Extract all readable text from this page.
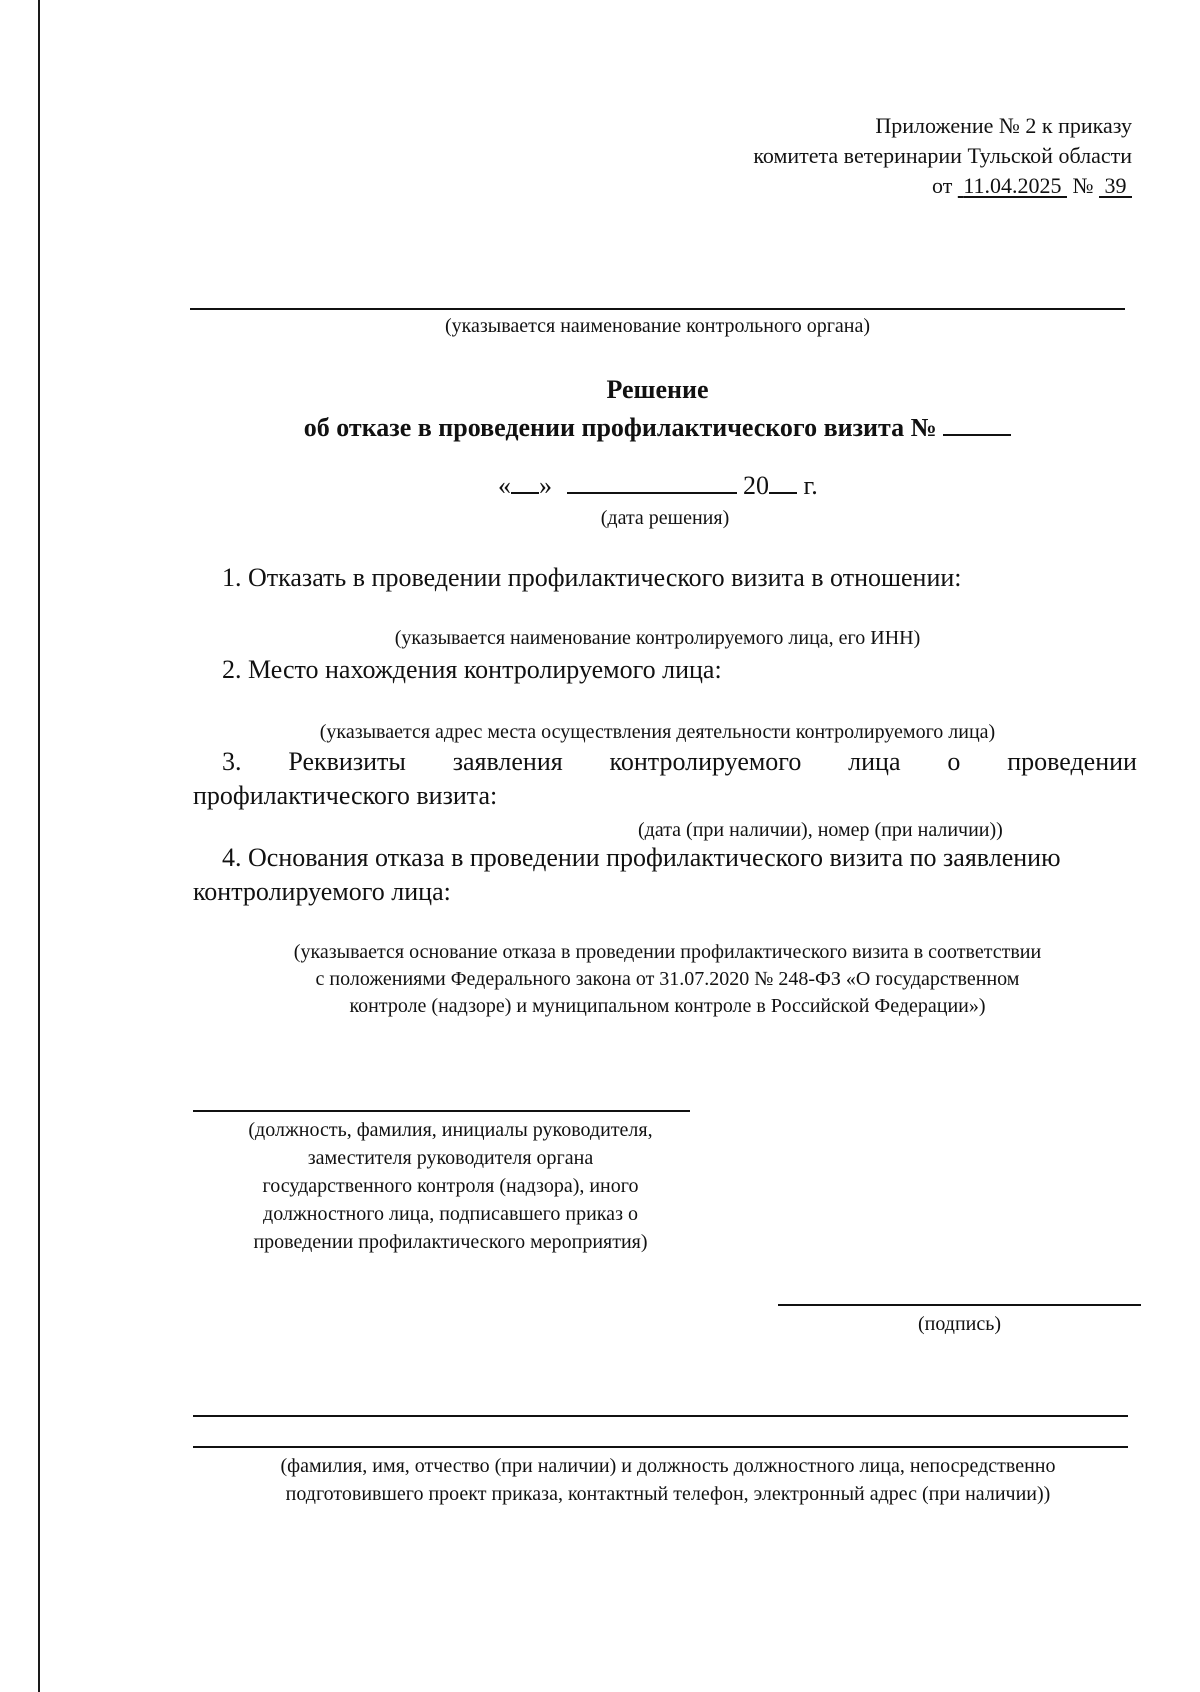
Приложение № 2 к приказу
комитета ветеринарии Тульской области
от 11.04.2025 № 39
(указывается наименование контрольного органа)
Решение
об отказе в проведении профилактического визита №
« »	20 г.
(дата решения)
1. Отказать в проведении профилактического визита в отношении:
(указывается наименование контролируемого лица, его ИНН)
2. Место нахождения контролируемого лица:
(указывается адрес места осуществления деятельности контролируемого лица)
3. Реквизиты заявления контролируемого лица о проведении
профилактического визита:
(дата (при наличии), номер (при наличии))
4. Основания отказа в проведении профилактического визита по заявлению
контролируемого лица:
(указывается основание отказа в проведении профилактического визита в соответствии
с положениями Федерального закона от 31.07.2020 № 248-ФЗ «О государственном
контроле (надзоре) и муниципальном контроле в Российской Федерации»)
(должность, фамилия, инициалы руководителя,
заместителя руководителя органа
государственного контроля (надзора), иного
должностного лица, подписавшего приказ о
проведении профилактического мероприятия)
(подпись)
(фамилия, имя, отчество (при наличии) и должность должностного лица, непосредственно
подготовившего проект приказа, контактный телефон, электронный адрес (при наличии))
